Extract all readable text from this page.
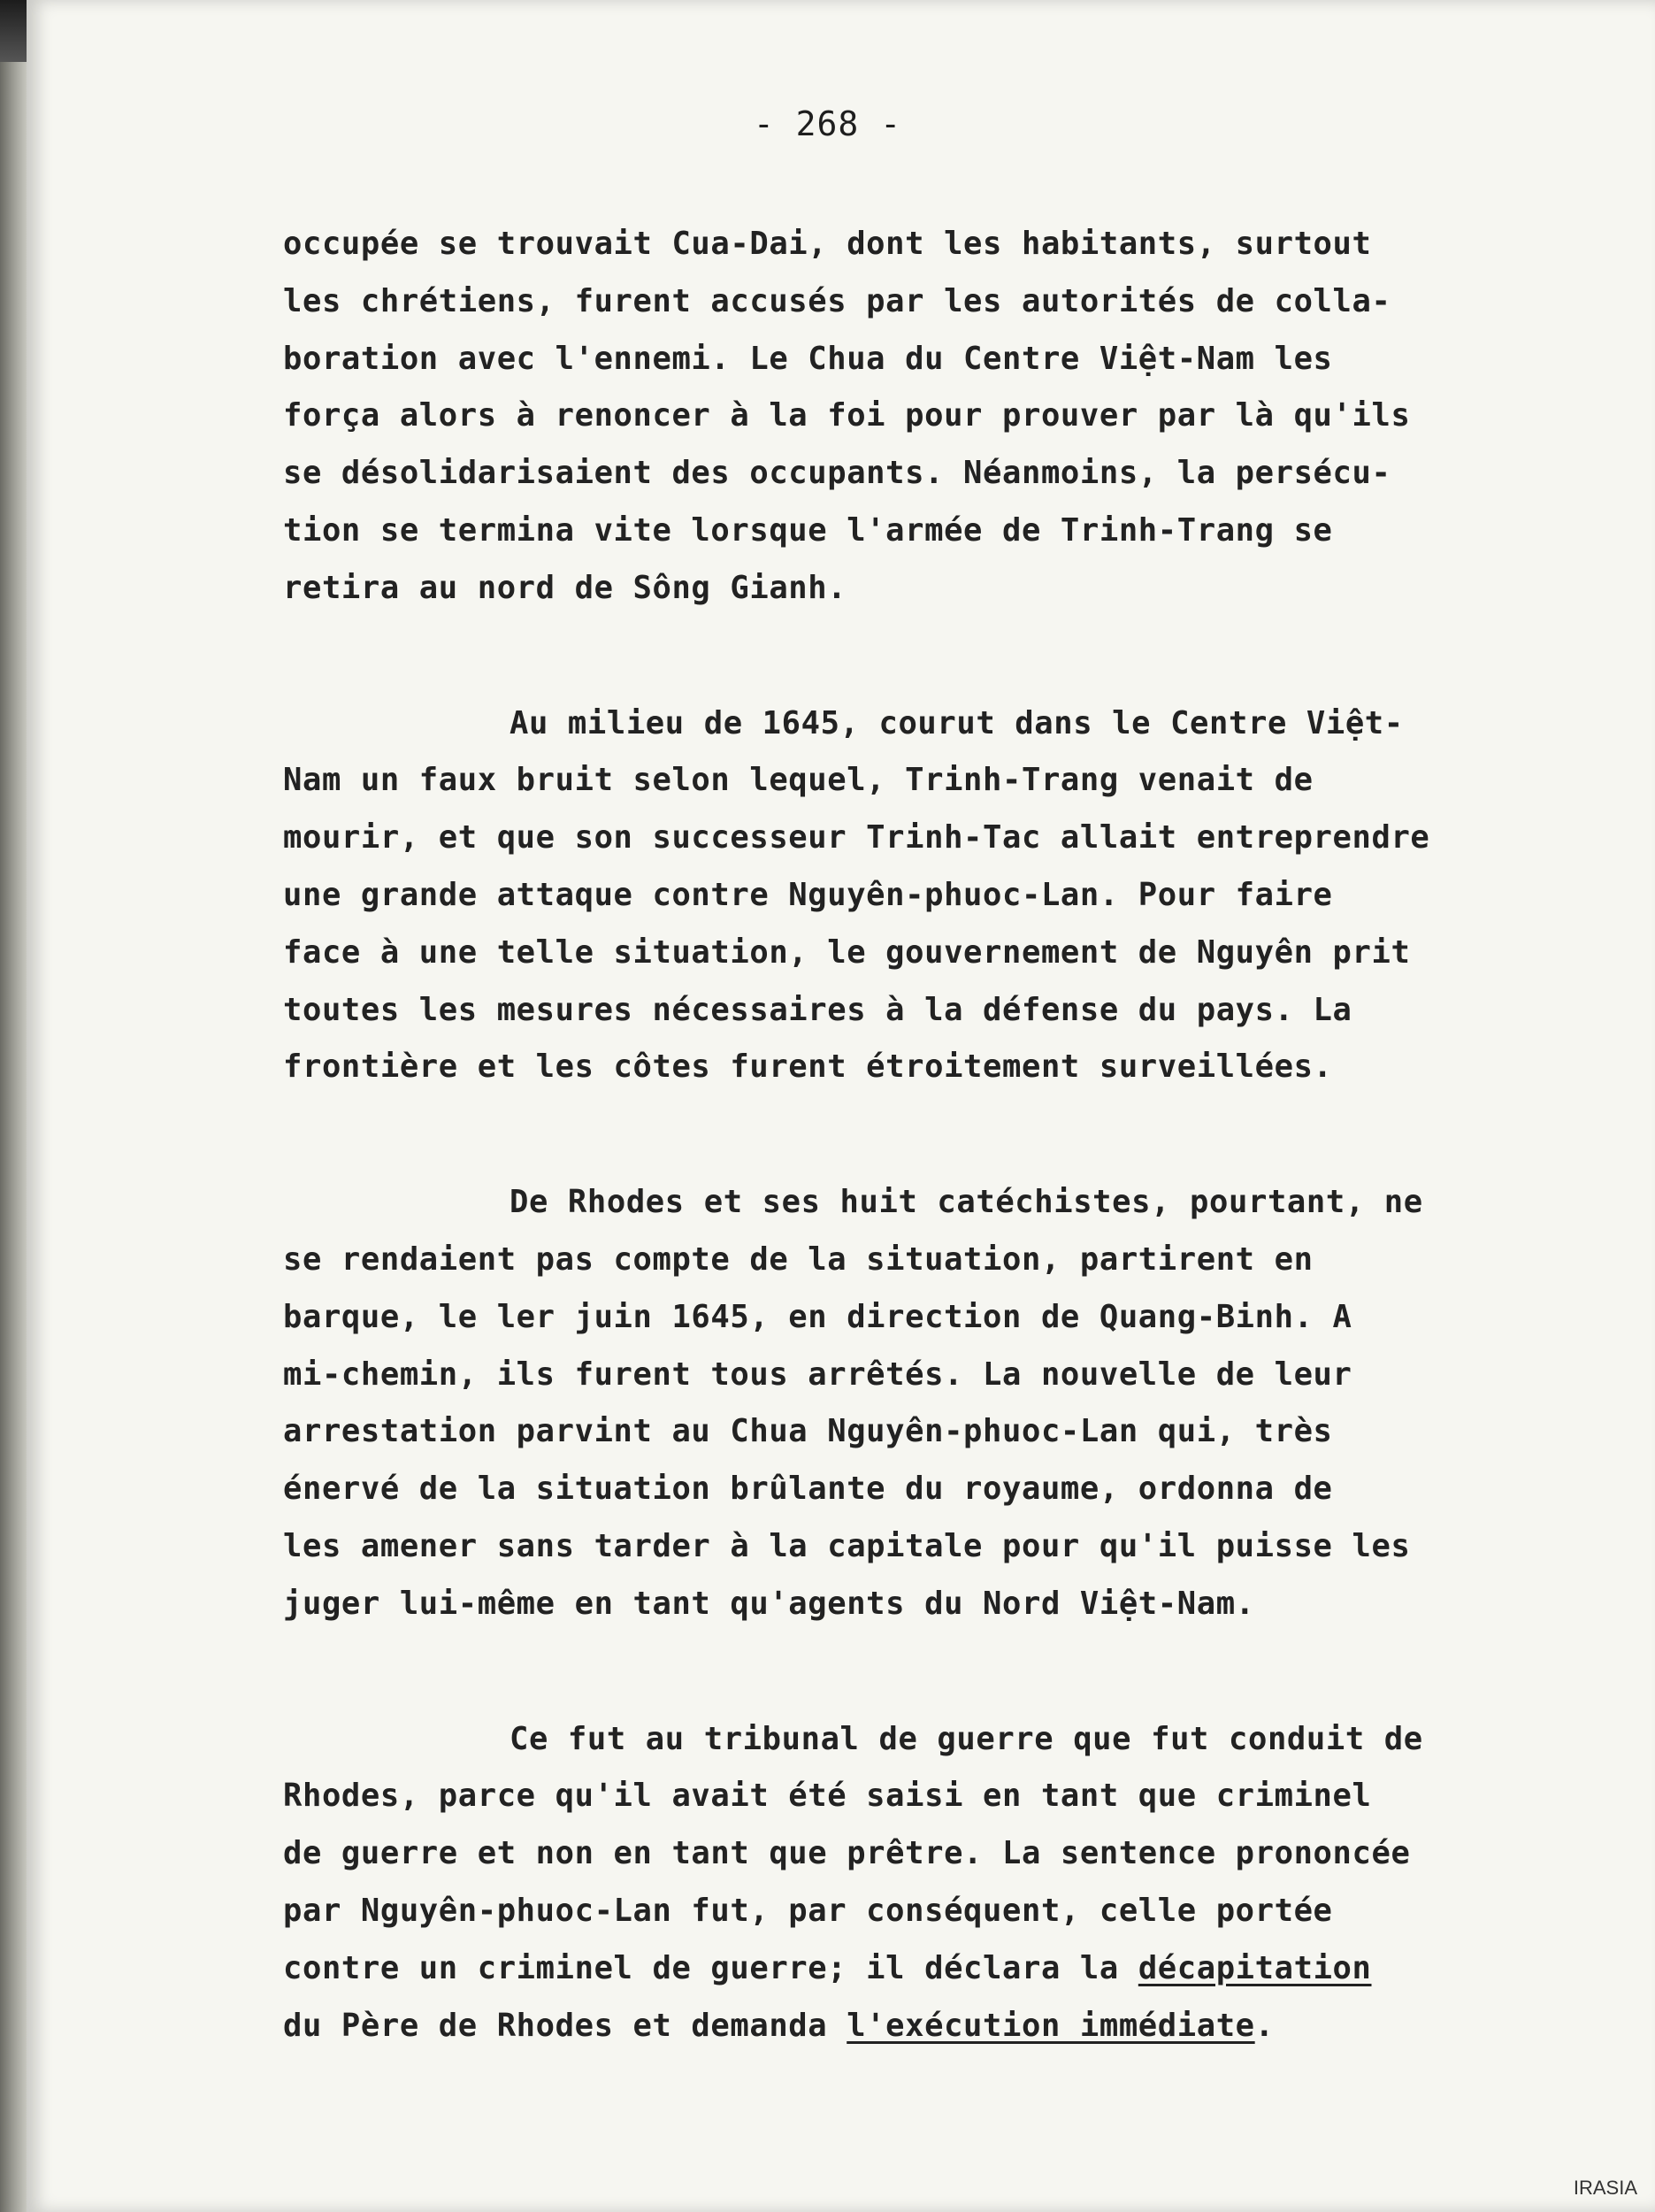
- 268 -
occupée se trouvait Cua-Dai, dont les habitants, surtout
les chrétiens, furent accusés par les autorités de colla-
boration avec l'ennemi. Le Chua du Centre Việt-Nam les
força alors à renoncer à la foi pour prouver par là qu'ils
se désolidarisaient des occupants. Néanmoins, la persécu-
tion se termina vite lorsque l'armée de Trinh-Trang se
retira au nord de Sông Gianh.
Au milieu de 1645, courut dans le Centre Việt-
Nam un faux bruit selon lequel, Trinh-Trang venait de
mourir, et que son successeur Trinh-Tac allait entreprendre
une grande attaque contre Nguyên-phuoc-Lan. Pour faire
face à une telle situation, le gouvernement de Nguyên prit
toutes les mesures nécessaires à la défense du pays. La
frontière et les côtes furent étroitement surveillées.
De Rhodes et ses huit catéchistes, pourtant, ne
se rendaient pas compte de la situation, partirent en
barque, le ler juin 1645, en direction de Quang-Binh. A
mi-chemin, ils furent tous arrêtés. La nouvelle de leur
arrestation parvint au Chua Nguyên-phuoc-Lan qui, très
énervé de la situation brûlante du royaume, ordonna de
les amener sans tarder à la capitale pour qu'il puisse les
juger lui-même en tant qu'agents du Nord Việt-Nam.
Ce fut au tribunal de guerre que fut conduit de
Rhodes, parce qu'il avait été saisi en tant que criminel
de guerre et non en tant que prêtre. La sentence prononcée
par Nguyên-phuoc-Lan fut, par conséquent, celle portée
contre un criminel de guerre; il déclara la décapitation
du Père de Rhodes et demanda l'exécution immédiate.
IRASIA
